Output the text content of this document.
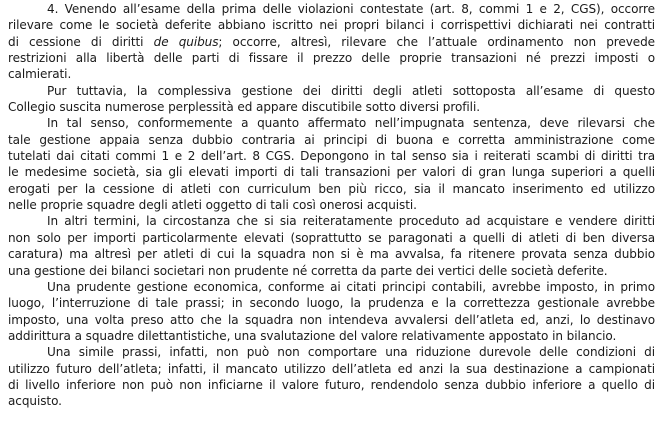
4. Venendo all’esame della prima delle violazioni contestate (art. 8, commi 1 e 2, CGS), occorre
rilevare come le società deferite abbiano iscritto nei propri bilanci i corrispettivi dichiarati nei contratti
di cessione di diritti de quibus; occorre, altresì, rilevare che l’attuale ordinamento non prevede
restrizioni alla libertà delle parti di fissare il prezzo delle proprie transazioni né prezzi imposti o
calmierati.
Pur tuttavia, la complessiva gestione dei diritti degli atleti sottoposta all’esame di questo
Collegio suscita numerose perplessità ed appare discutibile sotto diversi profili.
In tal senso, conformemente a quanto affermato nell’impugnata sentenza, deve rilevarsi che
tale gestione appaia senza dubbio contraria ai principi di buona e corretta amministrazione come
tutelati dai citati commi 1 e 2 dell’art. 8 CGS. Depongono in tal senso sia i reiterati scambi di diritti tra
le medesime società, sia gli elevati importi di tali transazioni per valori di gran lunga superiori a quelli
erogati per la cessione di atleti con curriculum ben più ricco, sia il mancato inserimento ed utilizzo
nelle proprie squadre degli atleti oggetto di tali così onerosi acquisti.
In altri termini, la circostanza che si sia reiteratamente proceduto ad acquistare e vendere diritti
non solo per importi particolarmente elevati (soprattutto se paragonati a quelli di atleti di ben diversa
caratura) ma altresì per atleti di cui la squadra non si è ma avvalsa, fa ritenere provata senza dubbio
una gestione dei bilanci societari non prudente né corretta da parte dei vertici delle società deferite.
Una prudente gestione economica, conforme ai citati principi contabili, avrebbe imposto, in primo
luogo, l’interruzione di tale prassi; in secondo luogo, la prudenza e la correttezza gestionale avrebbe
imposto, una volta preso atto che la squadra non intendeva avvalersi dell’atleta ed, anzi, lo destinavo
addirittura a squadre dilettantistiche, una svalutazione del valore relativamente appostato in bilancio.
Una simile prassi, infatti, non può non comportare una riduzione durevole delle condizioni di
utilizzo futuro dell’atleta; infatti, il mancato utilizzo dell’atleta ed anzi la sua destinazione a campionati
di livello inferiore non può non inficiarne il valore futuro, rendendolo senza dubbio inferiore a quello di
acquisto.
